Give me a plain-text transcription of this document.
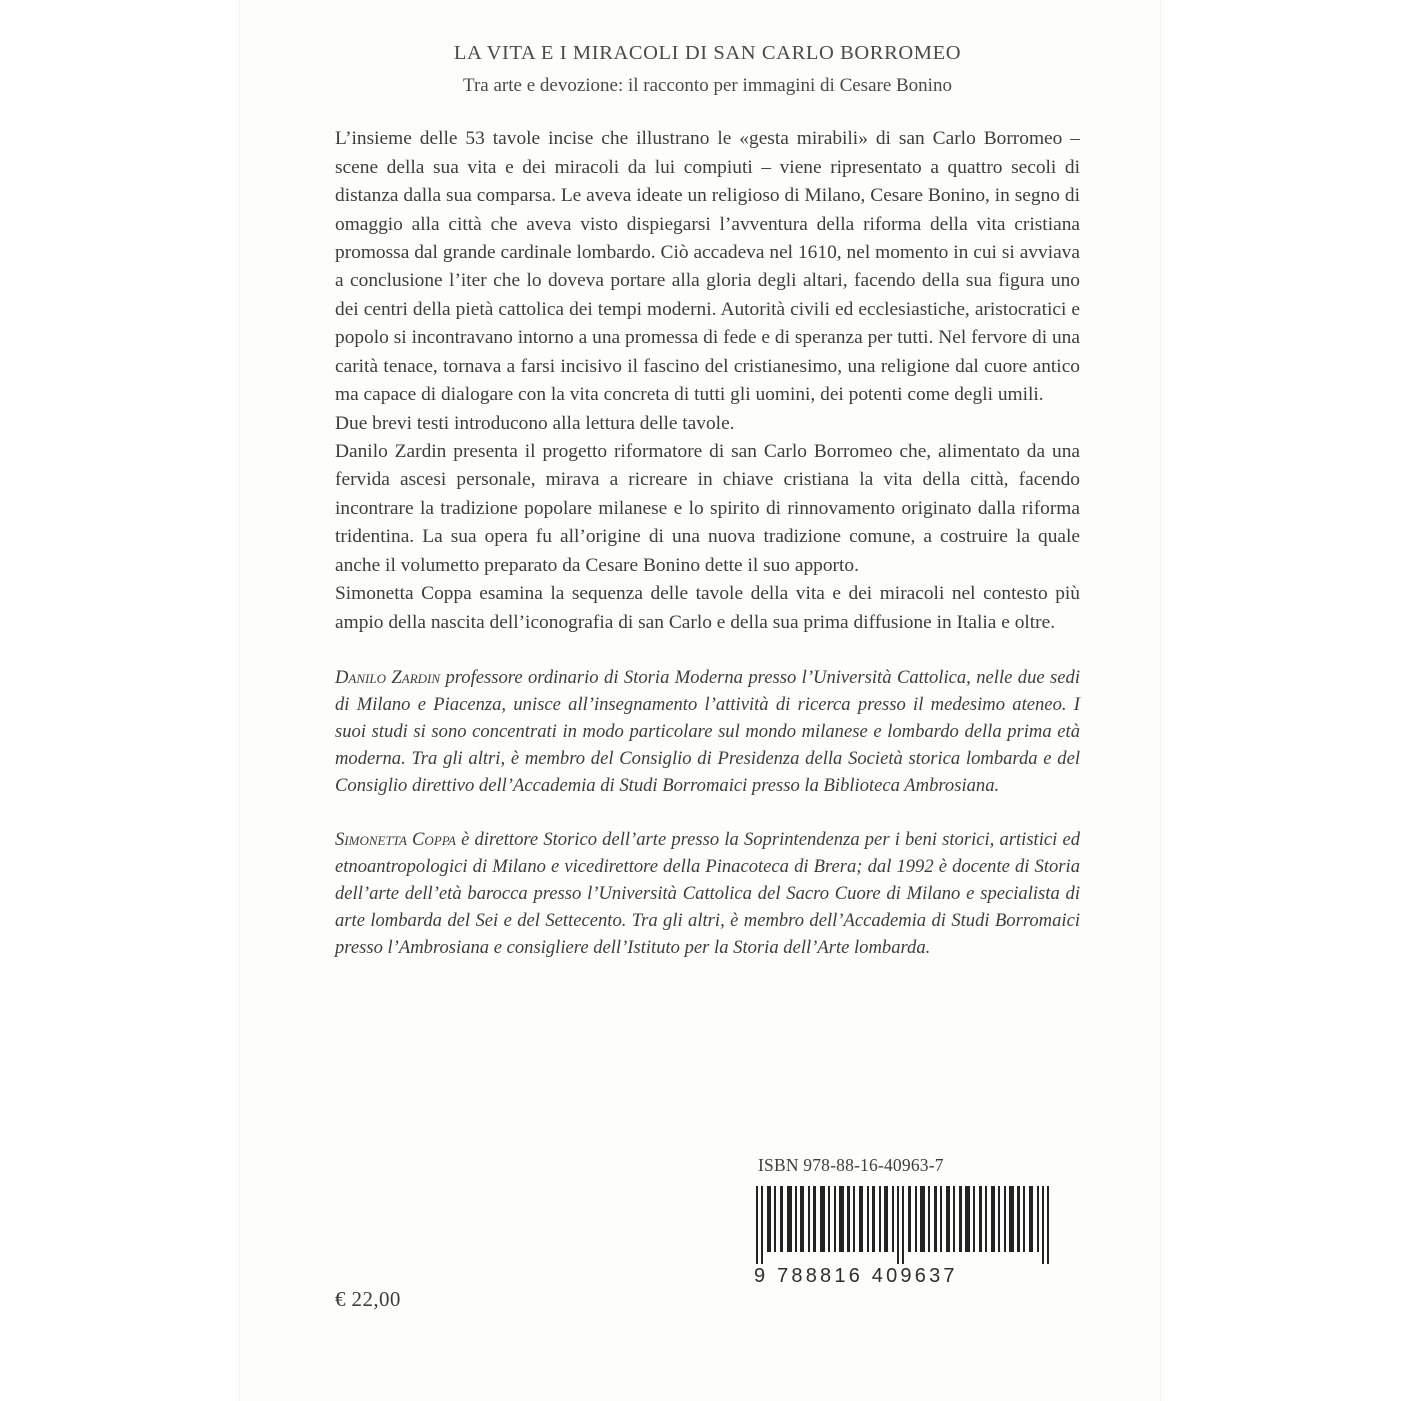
LA VITA E I MIRACOLI DI SAN CARLO BORROMEO
Tra arte e devozione: il racconto per immagini di Cesare Bonino

L’insieme delle 53 tavole incise che illustrano le «gesta mirabili» di san Carlo Borromeo – scene della sua vita e dei miracoli da lui compiuti – viene ripresentato a quattro secoli di distanza dalla sua comparsa. Le aveva ideate un religioso di Milano, Cesare Bonino, in segno di omaggio alla città che aveva visto dispiegarsi l’avventura della riforma della vita cristiana promossa dal grande cardinale lombardo. Ciò accadeva nel 1610, nel momento in cui si avviava a conclusione l’iter che lo doveva portare alla gloria degli altari, facendo della sua figura uno dei centri della pietà cattolica dei tempi moderni. Autorità civili ed ecclesiastiche, aristocratici e popolo si incontravano intorno a una promessa di fede e di speranza per tutti. Nel fervore di una carità tenace, tornava a farsi incisivo il fascino del cristianesimo, una religione dal cuore antico ma capace di dialogare con la vita concreta di tutti gli uomini, dei potenti come degli umili.

Due brevi testi introducono alla lettura delle tavole.

Danilo Zardin presenta il progetto riformatore di san Carlo Borromeo che, alimentato da una fervida ascesi personale, mirava a ricreare in chiave cristiana la vita della città, facendo incontrare la tradizione popolare milanese e lo spirito di rinnovamento originato dalla riforma tridentina. La sua opera fu all’origine di una nuova tradizione comune, a costruire la quale anche il volumetto preparato da Cesare Bonino dette il suo apporto.

Simonetta Coppa esamina la sequenza delle tavole della vita e dei miracoli nel contesto più ampio della nascita dell’iconografia di san Carlo e della sua prima diffusione in Italia e oltre.

Danilo Zardin professore ordinario di Storia Moderna presso l’Università Cattolica, nelle due sedi di Milano e Piacenza, unisce all’insegnamento l’attività di ricerca presso il medesimo ateneo. I suoi studi si sono concentrati in modo particolare sul mondo milanese e lombardo della prima età moderna. Tra gli altri, è membro del Consiglio di Presidenza della Società storica lombarda e del Consiglio direttivo dell’Accademia di Studi Borromaici presso la Biblioteca Ambrosiana.

Simonetta Coppa è direttore Storico dell’arte presso la Soprintendenza per i beni storici, artistici ed etnoantropologici di Milano e vicedirettore della Pinacoteca di Brera; dal 1992 è docente di Storia dell’arte dell’età barocca presso l’Università Cattolica del Sacro Cuore di Milano e specialista di arte lombarda del Sei e del Settecento. Tra gli altri, è membro dell’Accademia di Studi Borromaici presso l’Ambrosiana e consigliere dell’Istituto per la Storia dell’Arte lombarda.

ISBN 978-88-16-40963-7
9 788816 409637
€ 22,00
